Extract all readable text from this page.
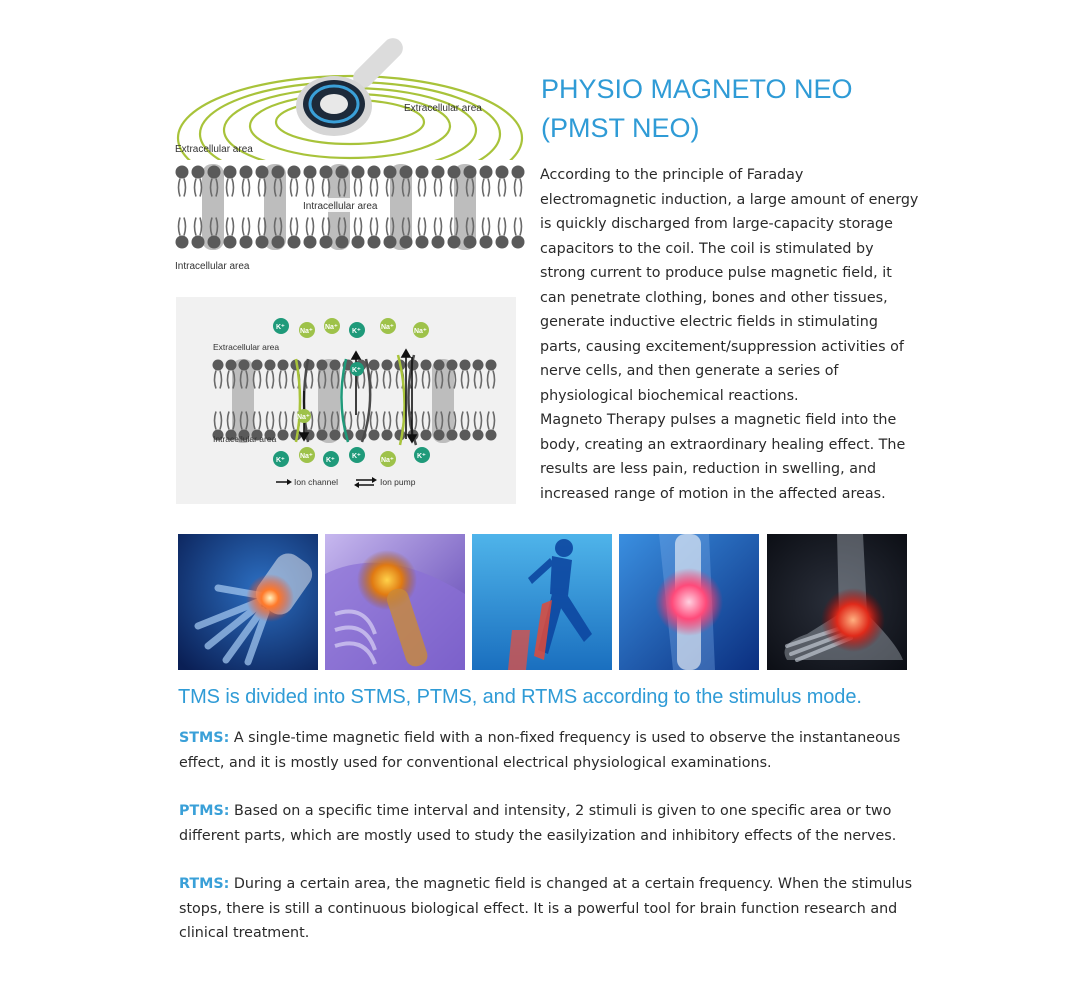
Extracellular area
Extracellular area
Intracellular area
Intracellular area
K⁺
Na⁺
Na⁺
K⁺
Na⁺
Na⁺
K⁺
Na⁺
K⁺
Na⁺
K⁺
K⁺
Na⁺
K⁺
Extracellular area
Intracellular area
Ion channel	Ion pump
PHYSIO MAGNETO NEO
(PMST NEO)

According to the principle of Faraday electromagnetic induction, a large amount of energy is quickly discharged from large-capacity storage capacitors to the coil. The coil is stimulated by strong current to produce pulse magnetic field, it can penetrate clothing, bones and other tissues, generate inductive electric fields in stimulating parts, causing excitement/suppression activities of nerve cells, and then generate a series of physiological biochemical reactions.

Magneto Therapy pulses a magnetic field into the body, creating an extraordinary healing effect. The results are less pain, reduction in swelling, and increased range of motion in the affected areas.

TMS is divided into STMS, PTMS, and RTMS according to the stimulus mode.

STMS: A single-time magnetic field with a non-fixed frequency is used to observe the instantaneous effect, and it is mostly used for conventional electrical physiological examinations.

PTMS: Based on a specific time interval and intensity, 2 stimuli is given to one specific area or two different parts, which are mostly used to study the easilyization and inhibitory effects of the nerves.

RTMS: During a certain area, the magnetic field is changed at a certain frequency. When the stimulus stops, there is still a continuous biological effect. It is a powerful tool for brain function research and clinical treatment.
